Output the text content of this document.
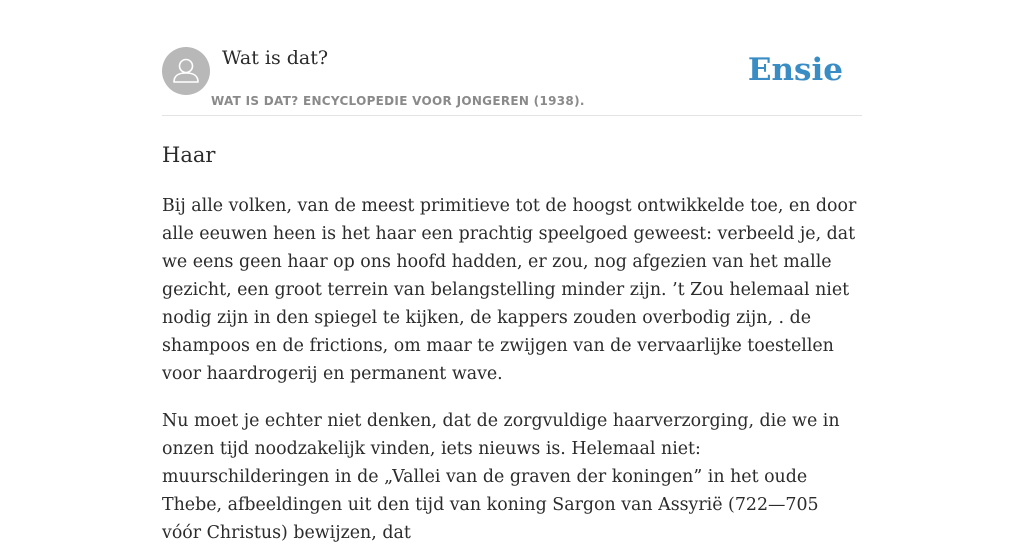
Wat is dat?
WAT IS DAT? ENCYCLOPEDIE VOOR JONGEREN (1938).
Ensie
Haar

Bij alle volken, van de meest primitieve tot de hoogst ontwikkelde toe, en door alle eeuwen heen is het haar een prachtig speelgoed geweest: verbeeld je, dat we eens geen haar op ons hoofd hadden, er zou, nog afgezien van het malle gezicht, een groot terrein van belangstelling minder zijn. ’t Zou helemaal niet nodig zijn in den spiegel te kijken, de kappers zouden overbodig zijn, . de shampoos en de frictions, om maar te zwijgen van de vervaarlijke toestellen voor haardrogerij en permanent wave.

Nu moet je echter niet denken, dat de zorgvuldige haarverzorging, die we in onzen tijd noodzakelijk vinden, iets nieuws is. Helemaal niet: muurschilderingen in de „Vallei van de graven der koningen” in het oude Thebe, afbeeldingen uit den tijd van koning Sargon van Assyrië (722—705 vóór Christus) bewijzen, dat
